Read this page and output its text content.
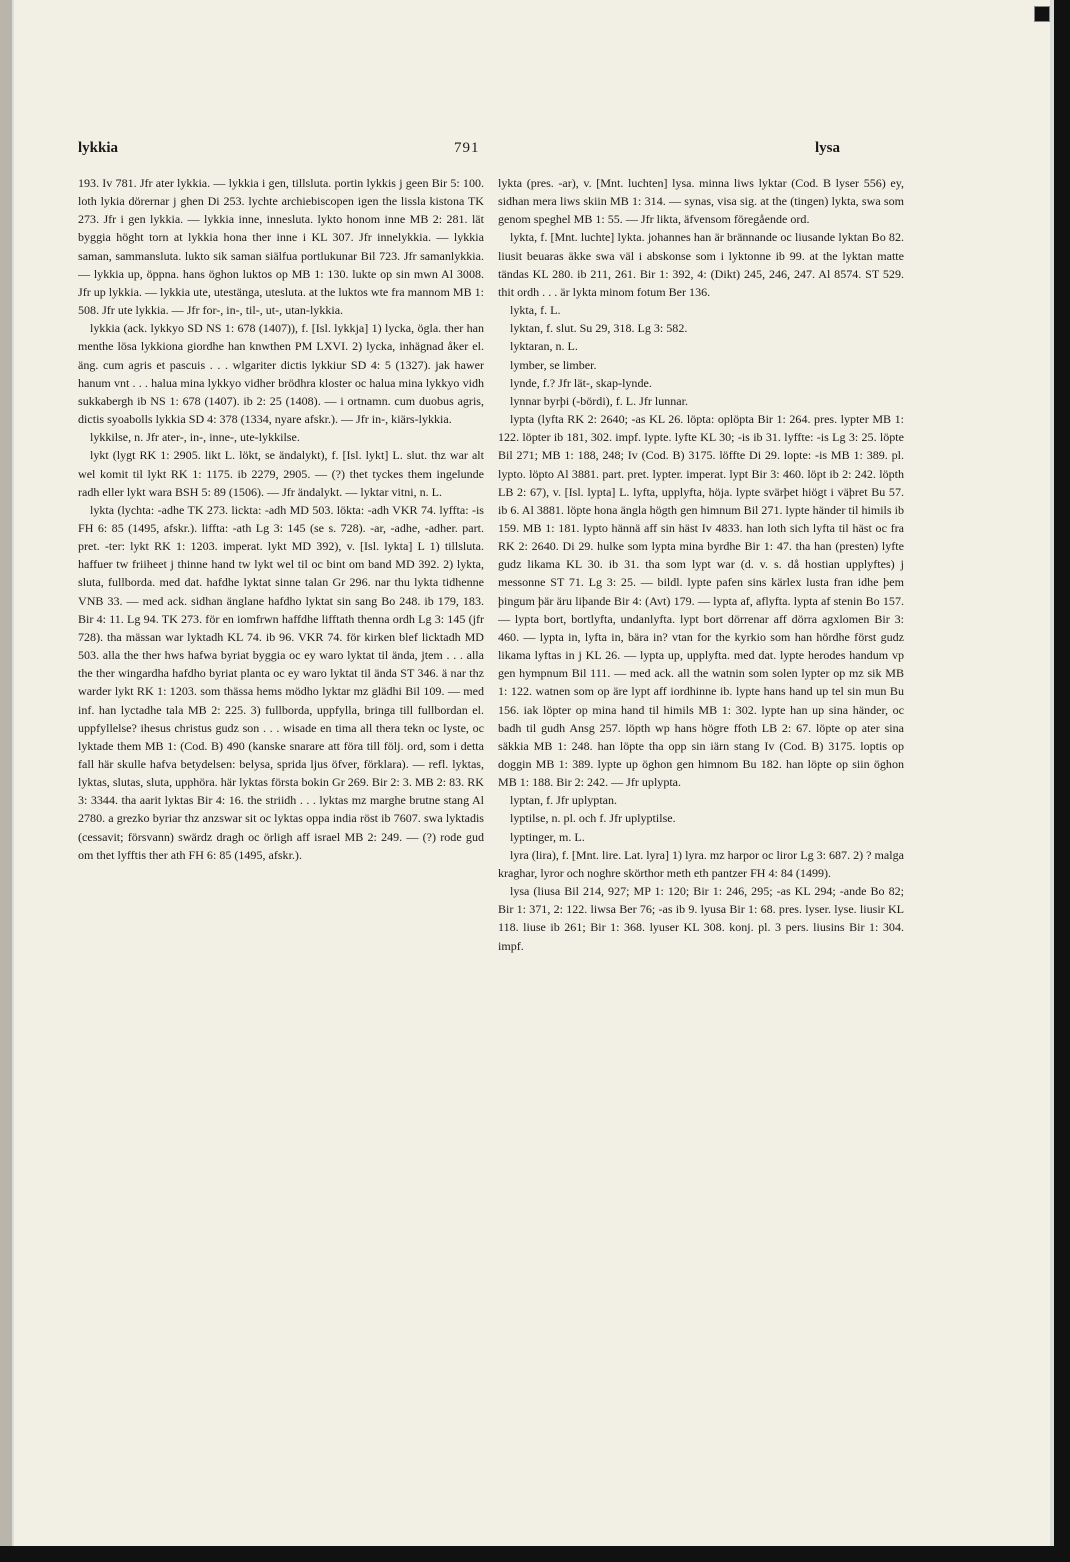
lykkia	791	lysa

193. Iv 781. Jfr ater lykkia. — lykkia i gen, tillsluta. portin lykkis j geen Bir 5: 100. loth lykia dörernar j ghen Di 253. lychte archiebiscopen igen the lissla kistona TK 273. Jfr i gen lykkia. — lykkia inne, innesluta. lykto honom inne MB 2: 281. lät byggia höght torn at lykkia hona ther inne i KL 307. Jfr innelykkia. — lykkia saman, sammansluta. lukto sik saman siälfua portlukunar Bil 723. Jfr samanlykkia. — lykkia up, öppna. hans öghon luktos op MB 1: 130. lukte op sin mwn Al 3008. Jfr up lykkia. — lykkia ute, utestänga, utesluta. at the luktos wte fra mannom MB 1: 508. Jfr ute lykkia. — Jfr for-, in-, til-, ut-, utan-lykkia.

lykkia (ack. lykkyo SD NS 1: 678 (1407)), f. [Isl. lykkja] 1) lycka, ögla. ther han menthe lösa lykkiona giordhe han knwthen PM LXVI. 2) lycka, inhägnad åker el. äng. cum agris et pascuis . . . wlgariter dictis lykkiur SD 4: 5 (1327). jak hawer hanum vnt . . . halua mina lykkyo vidher brödhra kloster oc halua mina lykkyo vidh sukkabergh ib NS 1: 678 (1407). ib 2: 25 (1408). — i ortnamn. cum duobus agris, dictis syoabolls lykkia SD 4: 378 (1334, nyare afskr.). — Jfr in-, kiärs-lykkia.

lykkilse, n. Jfr ater-, in-, inne-, ute-lykkilse.

lykt (lygt RK 1: 2905. likt L. lökt, se ändalykt), f. [Isl. lykt] L. slut. thz war alt wel komit til lykt RK 1: 1175. ib 2279, 2905. — (?) thet tyckes them ingelunde radh eller lykt wara BSH 5: 89 (1506). — Jfr ändalykt. — lyktar vitni, n. L.

lykta (lychta: -adhe TK 273. lickta: -adh MD 503. lökta: -adh VKR 74. lyffta: -is FH 6: 85 (1495, afskr.). liffta: -ath Lg 3: 145 (se s. 728). -ar, -adhe, -adher. part. pret. -ter: lykt RK 1: 1203. imperat. lykt MD 392), v. [Isl. lykta] L 1) tillsluta. haffuer tw friiheet j thinne hand tw lykt wel til oc bint om band MD 392. 2) lykta, sluta, fullborda. med dat. hafdhe lyktat sinne talan Gr 296. nar thu lykta tidhenne VNB 33. — med ack. sidhan änglane hafdho lyktat sin sang Bo 248. ib 179, 183. Bir 4: 11. Lg 94. TK 273. för en iomfrwn haffdhe lifftath thenna ordh Lg 3: 145 (jfr 728). tha mässan war lyktadh KL 74. ib 96. VKR 74. för kirken blef licktadh MD 503. alla the ther hws hafwa byriat byggia oc ey waro lyktat til ända, jtem . . . alla the ther wingardha hafdho byriat planta oc ey waro lyktat til ända ST 346. ä nar thz warder lykt RK 1: 1203. som thässa hems mödho lyktar mz glädhi Bil 109. — med inf. han lyctadhe tala MB 2: 225. 3) fullborda, uppfylla, bringa till fullbordan el. uppfyllelse? ihesus christus gudz son . . . wisade en tima all thera tekn oc lyste, oc lyktade them MB 1: (Cod. B) 490 (kanske snarare att föra till följ. ord, som i detta fall här skulle hafva betydelsen: belysa, sprida ljus öfver, förklara). — refl. lyktas, lyktas, slutas, sluta, upphöra. här lyktas första bokin Gr 269. Bir 2: 3. MB 2: 83. RK 3: 3344. tha aarit lyktas Bir 4: 16. the striidh . . . lyktas mz marghe brutne stang Al 2780. a grezko byriar thz anzswar sit oc lyktas oppa india röst ib 7607. swa lyktadis (cessavit; försvann) swärdz dragh oc örligh aff israel MB 2: 249. — (?) rode gud om thet lyfftis ther ath FH 6: 85 (1495, afskr.).

lykta (pres. -ar), v. [Mnt. luchten] lysa. minna liws lyktar (Cod. B lyser 556) ey, sidhan mera liws skiin MB 1: 314. — synas, visa sig. at the (tingen) lykta, swa som genom speghel MB 1: 55. — Jfr likta, äfvensom föregående ord.

lykta, f. [Mnt. luchte] lykta. johannes han är brännande oc liusande lyktan Bo 82. liusit beuaras äkke swa väl i abskonse som i lyktonne ib 99. at the lyktan matte tändas KL 280. ib 211, 261. Bir 1: 392, 4: (Dikt) 245, 246, 247. Al 8574. ST 529. thit ordh . . . är lykta minom fotum Ber 136.

lykta, f. L.

lyktan, f. slut. Su 29, 318. Lg 3: 582.

lyktaran, n. L.

lymber, se limber.

lynde, f.? Jfr lät-, skap-lynde.

lynnar byrþi (-bördi), f. L. Jfr lunnar.

lypta (lyfta RK 2: 2640; -as KL 26. löpta: oplöpta Bir 1: 264. pres. lypter MB 1: 122. löpter ib 181, 302. impf. lypte. lyfte KL 30; -is ib 31. lyffte: -is Lg 3: 25. löpte Bil 271; MB 1: 188, 248; Iv (Cod. B) 3175. löffte Di 29. lopte: -is MB 1: 389. pl. lypto. löpto Al 3881. part. pret. lypter. imperat. lypt Bir 3: 460. löpt ib 2: 242. löpth LB 2: 67), v. [Isl. lypta] L. lyfta, upplyfta, höja. lypte svärþet hiögt i väþret Bu 57. ib 6. Al 3881. löpte hona ängla högth gen himnum Bil 271. lypte händer til himils ib 159. MB 1: 181. lypto hännä aff sin häst Iv 4833. han loth sich lyfta til häst oc fra RK 2: 2640. Di 29. hulke som lypta mina byrdhe Bir 1: 47. tha han (presten) lyfte gudz likama KL 30. ib 31. tha som lypt war (d. v. s. då hostian upplyftes) j messonne ST 71. Lg 3: 25. — bildl. lypte pafen sins kärlex lusta fran idhe þem þingum þär äru liþande Bir 4: (Avt) 179. — lypta af, aflyfta. lypta af stenin Bo 157. — lypta bort, bortlyfta, undanlyfta. lypt bort dörrenar aff dörra agxlomen Bir 3: 460. — lypta in, lyfta in, bära in? vtan for the kyrkio som han hördhe först gudz likama lyftas in j KL 26. — lypta up, upplyfta. med dat. lypte herodes handum vp gen hympnum Bil 111. — med ack. all the watnin som solen lypter op mz sik MB 1: 122. watnen som op äre lypt aff iordhinne ib. lypte hans hand up tel sin mun Bu 156. iak löpter op mina hand til himils MB 1: 302. lypte han up sina händer, oc badh til gudh Ansg 257. löpth wp hans högre ffoth LB 2: 67. löpte op ater sina säkkia MB 1: 248. han löpte tha opp sin iärn stang Iv (Cod. B) 3175. loptis op doggin MB 1: 389. lypte up öghon gen himnom Bu 182. han löpte op siin öghon MB 1: 188. Bir 2: 242. — Jfr uplypta.

lyptan, f. Jfr uplyptan.

lyptilse, n. pl. och f. Jfr uplyptilse.

lyptinger, m. L.

lyra (lira), f. [Mnt. lire. Lat. lyra] 1) lyra. mz harpor oc liror Lg 3: 687. 2) ? malga kraghar, lyror och noghre skörthor meth eth pantzer FH 4: 84 (1499).

lysa (liusa Bil 214, 927; MP 1: 120; Bir 1: 246, 295; -as KL 294; -ande Bo 82; Bir 1: 371, 2: 122. liwsa Ber 76; -as ib 9. lyusa Bir 1: 68. pres. lyser. lyse. liusir KL 118. liuse ib 261; Bir 1: 368. lyuser KL 308. konj. pl. 3 pers. liusins Bir 1: 304. impf.
